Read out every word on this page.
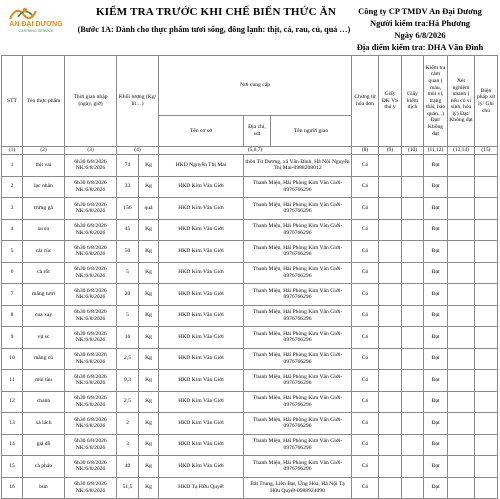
AN ĐẠI DƯƠNG
CATERING SERVICE
KIỂM TRA TRƯỚC KHI CHẾ BIẾN THỨC ĂN
(Bước 1A: Dành cho thực phẩm tươi sống, đông lạnh: thịt, cá, rau, củ, quả …)
Công ty CP TMDV An Đại Dương
Người kiểm tra:Hà Phương
Ngày 6/8/2026
Địa điểm kiểm tra: DHA Văn Đình
STT	Tên thực phẩm	Thời gian nhập (ngày, giờ)	Khối lượng (Kg/ lít…)		Nơi cung cấp			Chứng từ hóa đơn	Giấy ĐK VS thú y	Giấy kiểm dịch	Kiểm tra cảm quan ( màu, mùi vị, trạng thái, bảo quản...) Đạt/ Không đạt	Xét nghiệm nhanh ( nếu có vi sinh, hóa lý) Đạt/ Không đạt	Biện pháp xử lý/ Ghi chú
					Tên cơ sở	Địa chỉ, sdt	Tên người giao						
(1)	(2)	(3)	(4)		(5,6,7)			(8)	(9)	(10)	(11,12)	(13,14)	(15)
1	thịt vai	6h30 6/8/2026 NK:6/8/2026	74	Kg	HKD Nguyễn Thị Mai	thôn Từ Dương, xã Văn Đình, Hà Nội Nguyễn Thị Mai-0988208012		Có			Đạt		
2	lạc nhân	6h30 6/8/2026 NK:6/8/2026	33	Kg	HKD Kim Văn Giới	Thanh Miện, Hải Phòng Kim Văn Giới-0976766296		Có			Đạt		
3	trứng gà	6h30 6/8/2026 NK:6/8/2026	156	quả	HKD Kim Văn Giới	Thanh Miện, Hải Phòng Kim Văn Giới-0976766296		Có			Đạt		
4	su su	6h30 6/8/2026 NK:6/8/2026	45	Kg	HKD Kim Văn Giới	Thanh Miện, Hải Phòng Kim Văn Giới-0976766296		Có			Đạt		
5	cải cúc	6h30 6/8/2026 NK:6/8/2026	50	Kg	HKD Kim Văn Giới	Thanh Miện, Hải Phòng Kim Văn Giới-0976766296		Có			Đạt		
6	cà rốt	6h30 6/8/2026 NK:6/8/2026	5	Kg	HKD Kim Văn Giới	Thanh Miện, Hải Phòng Kim Văn Giới-0976766296		Có			Đạt		
7	măng tươi	6h30 6/8/2026 NK:6/8/2026	20	Kg	HKD Kim Văn Giới	Thanh Miện, Hải Phòng Kim Văn Giới-0976766296		Có			Đạt		
8	cua xay	6h30 6/8/2026 NK:6/8/2026	5	Kg	HKD Kim Văn Giới	Thanh Miện, Hải Phòng Kim Văn Giới-0976766296		Có			Đạt		
9	vịt sc	6h30 6/8/2026 NK:6/8/2026	16	Kg	HKD Kim Văn Giới	Thanh Miện, Hải Phòng Kim Văn Giới-0976766296		Có			Đạt		
10	măng củ	6h30 6/8/2026 NK:6/8/2026	2,5	Kg	HKD Kim Văn Giới	Thanh Miện, Hải Phòng Kim Văn Giới-0976766296		Có			Đạt		
11	mùi tàu	6h30 6/8/2026 NK:6/8/2026	0,3	Kg	HKD Kim Văn Giới	Thanh Miện, Hải Phòng Kim Văn Giới-0976766296		Có			Đạt		
12	chanh	6h30 6/8/2026 NK:6/8/2026	2,5	Kg	HKD Kim Văn Giới	Thanh Miện, Hải Phòng Kim Văn Giới-0976766296		Có			Đạt		
13	xả lách	6h30 6/8/2026 NK:6/8/2026	2	Kg	HKD Kim Văn Giới	Thanh Miện, Hải Phòng Kim Văn Giới-0976766296		Có			Đạt		
14	giá đỗ	6h30 6/8/2026 NK:6/8/2026	3	Kg	HKD Kim Văn Giới	Thanh Miện, Hải Phòng Kim Văn Giới-0976766296		Có			Đạt		
15	cà pháo	6h30 6/8/2026 NK:6/8/2026	40	Kg	HKD Kim Văn Giới	Thanh Miện, Hải Phòng Kim Văn Giới-0976766296		Có			Đạt		
16	bún	6h30 6/8/2026 NK:6/8/2026	51,5	Kg	HKD Tạ Hữu Quyết	Bát Trung, Liên Bạt, Ứng Hòa, Hà Nội Tạ Hữu Quyết-0988924090		Có			Đạt		
